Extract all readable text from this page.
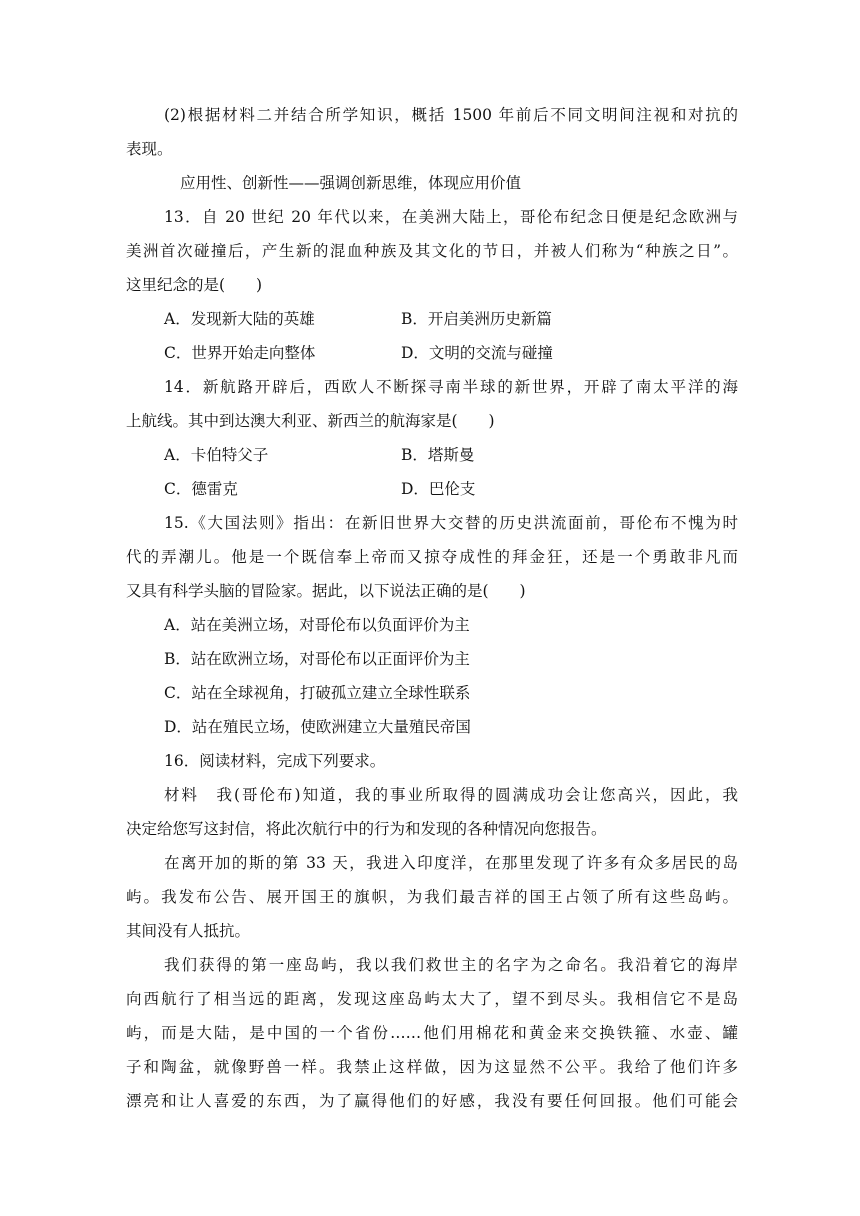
(2)根据材料二并结合所学知识，概括 1500 年前后不同文明间注视和对抗的
表现。
应用性、创新性——强调创新思维，体现应用价值
13．自 20 世纪 20 年代以来，在美洲大陆上，哥伦布纪念日便是纪念欧洲与
美洲首次碰撞后，产生新的混血种族及其文化的节日，并被人们称为“种族之日”。
这里纪念的是(　　)
A．发现新大陆的英雄	B．开启美洲历史新篇
C．世界开始走向整体	D．文明的交流与碰撞
14．新航路开辟后，西欧人不断探寻南半球的新世界，开辟了南太平洋的海
上航线。其中到达澳大利亚、新西兰的航海家是(　　)
A．卡伯特父子	B．塔斯曼
C．德雷克	D．巴伦支
15.《大国法则》指出：在新旧世界大交替的历史洪流面前，哥伦布不愧为时
代的弄潮儿。他是一个既信奉上帝而又掠夺成性的拜金狂，还是一个勇敢非凡而
又具有科学头脑的冒险家。据此，以下说法正确的是(　　)
A．站在美洲立场，对哥伦布以负面评价为主
B．站在欧洲立场，对哥伦布以正面评价为主
C．站在全球视角，打破孤立建立全球性联系
D．站在殖民立场，使欧洲建立大量殖民帝国
16．阅读材料，完成下列要求。
材料　我(哥伦布)知道，我的事业所取得的圆满成功会让您高兴，因此，我
决定给您写这封信，将此次航行中的行为和发现的各种情况向您报告。
在离开加的斯的第 33 天，我进入印度洋，在那里发现了许多有众多居民的岛
屿。我发布公告、展开国王的旗帜，为我们最吉祥的国王占领了所有这些岛屿。
其间没有人抵抗。
我们获得的第一座岛屿，我以我们救世主的名字为之命名。我沿着它的海岸
向西航行了相当远的距离，发现这座岛屿太大了，望不到尽头。我相信它不是岛
屿，而是大陆，是中国的一个省份……他们用棉花和黄金来交换铁箍、水壶、罐
子和陶盆，就像野兽一样。我禁止这样做，因为这显然不公平。我给了他们许多
漂亮和让人喜爱的东西，为了赢得他们的好感，我没有要任何回报。他们可能会
